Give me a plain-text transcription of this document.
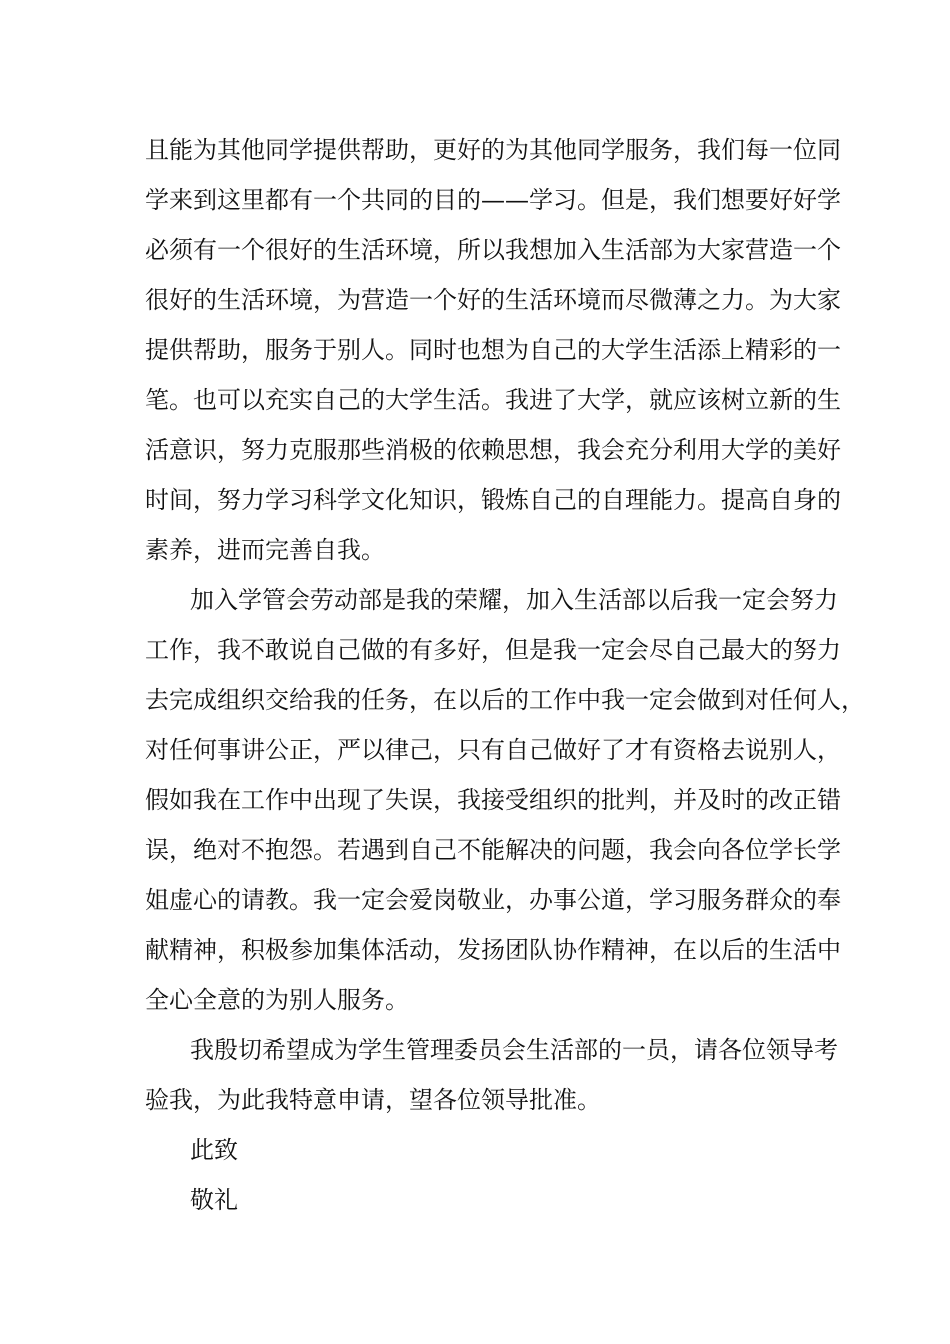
且能为其他同学提供帮助，更好的为其他同学服务，我们每一位同
学来到这里都有一个共同的目的——学习。但是，我们想要好好学
必须有一个很好的生活环境，所以我想加入生活部为大家营造一个
很好的生活环境，为营造一个好的生活环境而尽微薄之力。为大家
提供帮助，服务于别人。同时也想为自己的大学生活添上精彩的一
笔。也可以充实自己的大学生活。我进了大学，就应该树立新的生
活意识，努力克服那些消极的依赖思想，我会充分利用大学的美好
时间，努力学习科学文化知识，锻炼自己的自理能力。提高自身的
素养，进而完善自我。
加入学管会劳动部是我的荣耀，加入生活部以后我一定会努力
工作，我不敢说自己做的有多好，但是我一定会尽自己最大的努力
去完成组织交给我的任务，在以后的工作中我一定会做到对任何人，
对任何事讲公正，严以律己，只有自己做好了才有资格去说别人，
假如我在工作中出现了失误，我接受组织的批判，并及时的改正错
误，绝对不抱怨。若遇到自己不能解决的问题，我会向各位学长学
姐虚心的请教。我一定会爱岗敬业，办事公道，学习服务群众的奉
献精神，积极参加集体活动，发扬团队协作精神，在以后的生活中
全心全意的为别人服务。
我殷切希望成为学生管理委员会生活部的一员，请各位领导考
验我，为此我特意申请，望各位领导批准。
此致
敬礼
